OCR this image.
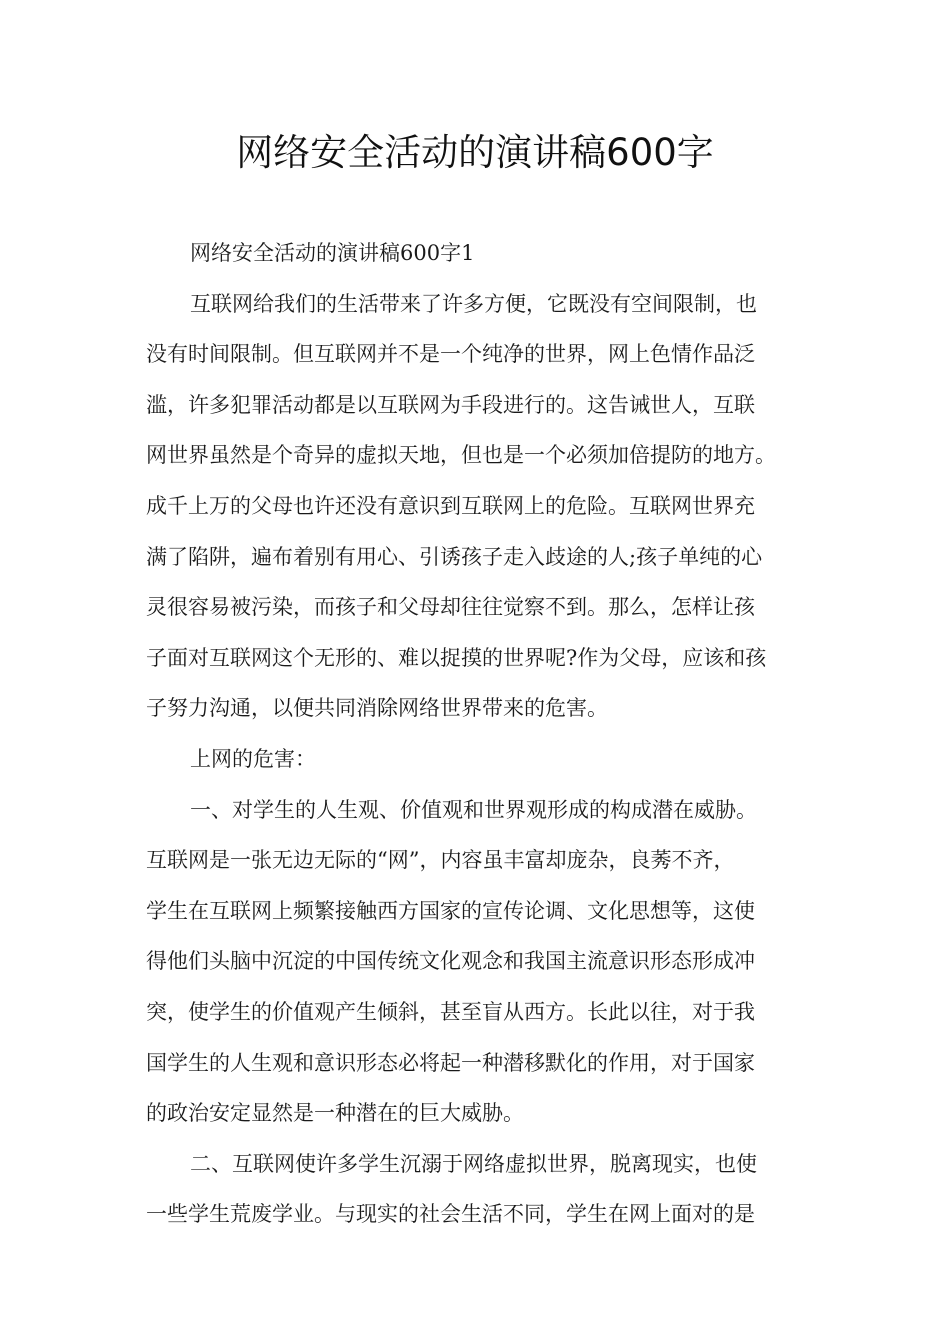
网络安全活动的演讲稿600字
网络安全活动的演讲稿600字1
互联网给我们的生活带来了许多方便，它既没有空间限制，也
没有时间限制。但互联网并不是一个纯净的世界，网上色情作品泛
滥，许多犯罪活动都是以互联网为手段进行的。这告诫世人，互联
网世界虽然是个奇异的虚拟天地，但也是一个必须加倍提防的地方。
成千上万的父母也许还没有意识到互联网上的危险。互联网世界充
满了陷阱，遍布着别有用心、引诱孩子走入歧途的人;孩子单纯的心
灵很容易被污染，而孩子和父母却往往觉察不到。那么，怎样让孩
子面对互联网这个无形的、难以捉摸的世界呢?作为父母，应该和孩
子努力沟通，以便共同消除网络世界带来的危害。
上网的危害：
一、对学生的人生观、价值观和世界观形成的构成潜在威胁。
互联网是一张无边无际的“网”，内容虽丰富却庞杂，良莠不齐，
学生在互联网上频繁接触西方国家的宣传论调、文化思想等，这使
得他们头脑中沉淀的中国传统文化观念和我国主流意识形态形成冲
突，使学生的价值观产生倾斜，甚至盲从西方。长此以往，对于我
国学生的人生观和意识形态必将起一种潜移默化的作用，对于国家
的政治安定显然是一种潜在的巨大威胁。
二、互联网使许多学生沉溺于网络虚拟世界，脱离现实，也使
一些学生荒废学业。与现实的社会生活不同，学生在网上面对的是
